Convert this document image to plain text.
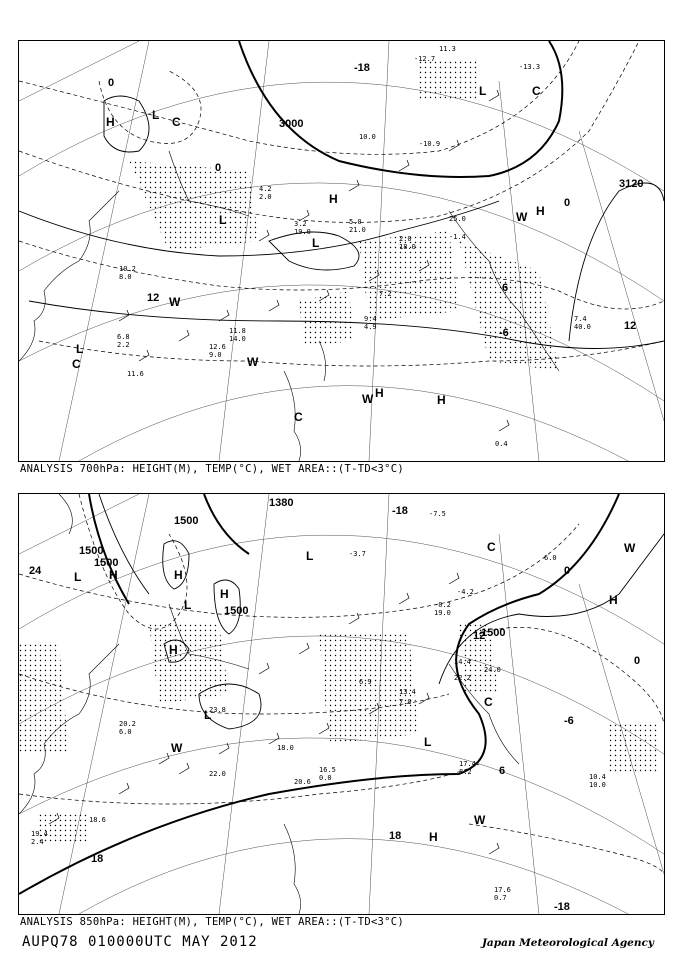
3000
3120
H
H
H
H	H
L
L
L
L
L
C
C
C
C
W
W
W
W
-18
-6
0
0
0
6
12
12
10.2
8.0
11.8
14.0
12.6
9.0
4.2
2.0
3.2
19.0
5.0
21.0
2.0
18.0
-1.4
25.0
7.2
9.4
4.9
-10.9
-12.7
-13.3
11.3
7.4
40.0
10.0
0.4
6.8
2.2
11.6
ANALYSIS 700hPa: HEIGHT(M), TEMP(°C), WET AREA::(T-TD<3°C)
1500
1500
1500
1380
1500
1500
H	H
H
H
H
H
L
L
L
L
L
C
C
W
W
W
24
-18
-6
0
0
6
18
18
-18
12
20.2
6.0
23.8
22.0
18.0
0.0
20.6
16.5
17.4
8.2
13.4
24.0
-0.2
19.0
14.4
22.2
10.4
10.0
17.6
0.7
19.4
2.4
18.6
-3.7
-7.5
7.0
6.0
6.9
-4.2
ANALYSIS 850hPa: HEIGHT(M), TEMP(°C), WET AREA::(T-TD<3°C)
AUPQ78 010000UTC MAY 2012	Japan Meteorological Agency
